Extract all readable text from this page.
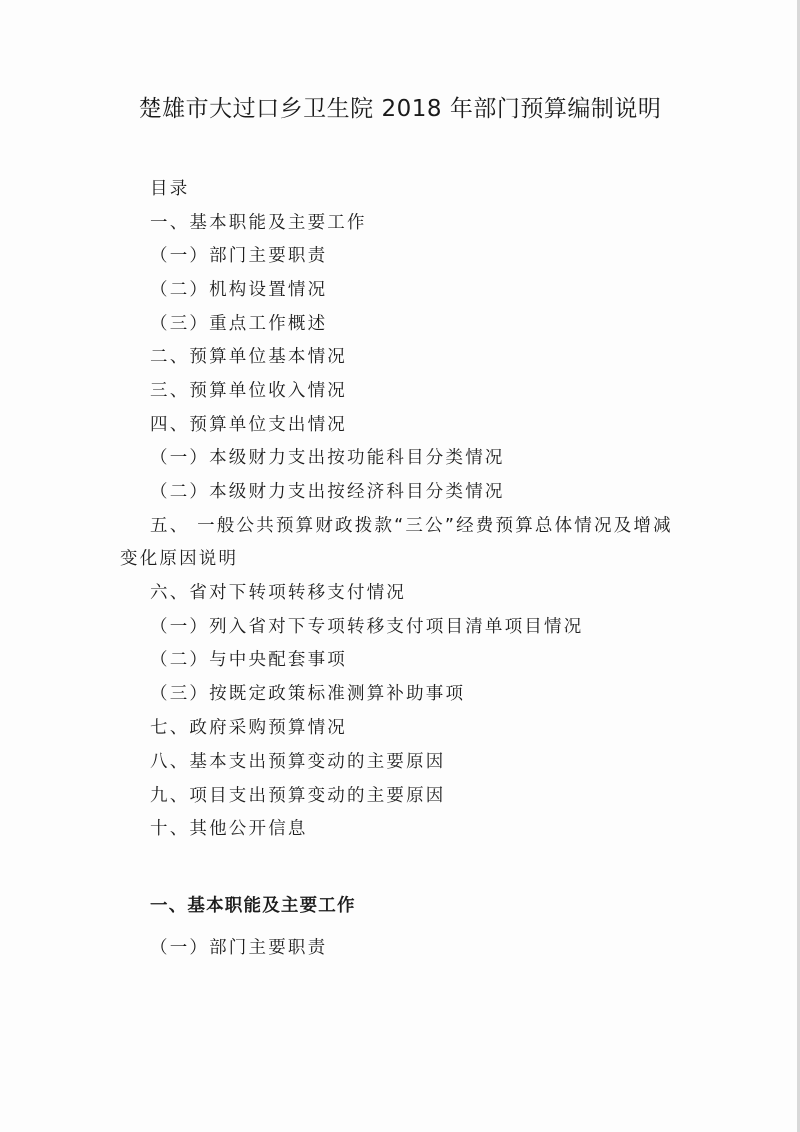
楚雄市大过口乡卫生院 2018 年部门预算编制说明
目录
一、基本职能及主要工作
（一）部门主要职责
（二）机构设置情况
（三）重点工作概述
二、预算单位基本情况
三、预算单位收入情况
四、预算单位支出情况
（一）本级财力支出按功能科目分类情况
（二）本级财力支出按经济科目分类情况
五、 一般公共预算财政拨款“三公”经费预算总体情况及增减
变化原因说明
六、省对下转项转移支付情况
（一）列入省对下专项转移支付项目清单项目情况
（二）与中央配套事项
（三）按既定政策标准测算补助事项
七、政府采购预算情况
八、基本支出预算变动的主要原因
九、项目支出预算变动的主要原因
十、其他公开信息
一、基本职能及主要工作
（一）部门主要职责
